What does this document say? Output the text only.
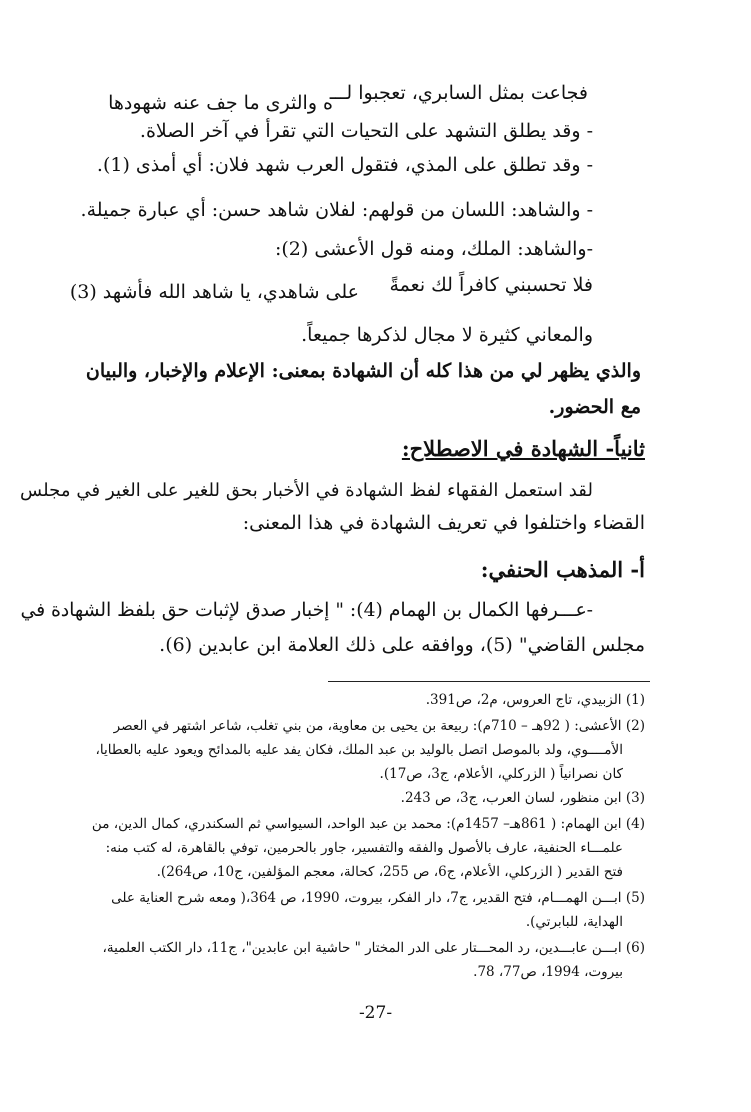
فجاعت بمثل السابري، تعجبوا لـــ
ه والثرى ما جف عنه شهودها
- وقد يطلق التشهد على التحيات التي تقرأ في آخر الصلاة.
- وقد تطلق على المذي، فتقول العرب شهد فلان: أي أمذى (1).
- والشاهد: اللسان من قولهم: لفلان شاهد حسن: أي عبارة جميلة.
-والشاهد: الملك، ومنه قول الأعشى (2):
فلا تحسبني كافراً لك نعمةً
على شاهدي، يا شاهد الله فأشهد (3)
والمعاني كثيرة لا مجال لذكرها جميعاً.
والذي يظهر لي من هذا كله أن الشهادة بمعنى: الإعلام والإخبار، والبيان
مع الحضور.
ثانياً- الشهادة في الاصطلاح:
لقد استعمل الفقهاء لفظ الشهادة في الأخبار بحق للغير على الغير في مجلس
القضاء واختلفوا في تعريف الشهادة في هذا المعنى:
أ- المذهب الحنفي:
-عـــرفها الكمال بن الهمام (4): " إخبار صدق لإثبات حق بلفظ الشهادة في
مجلس القاضي" (5)، ووافقه على ذلك العلامة ابن عابدين (6).
(1) الزبيدي، تاج العروس، م2، ص391.
(2) الأعشى: ( 92هـ – 710م): ربيعة بن يحيى بن معاوية، من بني تغلب، شاعر اشتهر في العصر
الأمــــوي، ولد بالموصل اتصل بالوليد بن عبد الملك، فكان يفد عليه بالمدائح ويعود عليه بالعطايا،
كان نصرانياً ( الزركلي، الأعلام، ج3، ص17).
(3) ابن منظور، لسان العرب، ج3، ص 243.
(4) ابن الهمام: ( 861هـ– 1457م): محمد بن عبد الواحد، السيواسي ثم السكندري، كمال الدين، من
علمـــاء الحنفية، عارف بالأصول والفقه والتفسير، جاور بالحرمين، توفي بالقاهرة، له كتب منه:
فتح القدير ( الزركلي، الأعلام، ج6، ص 255، كحالة، معجم المؤلفين، ج10، ص264).
(5) ابـــن الهمـــام، فتح القدير، ج7، دار الفكر، بيروت، 1990، ص 364،( ومعه شرح العناية على
الهداية، للبابرتي).
(6) ابـــن عابـــدين، رد المحـــتار على الدر المختار " حاشية ابن عابدين"، ج11، دار الكتب العلمية،
بيروت، 1994، ص77، 78.
-27-
